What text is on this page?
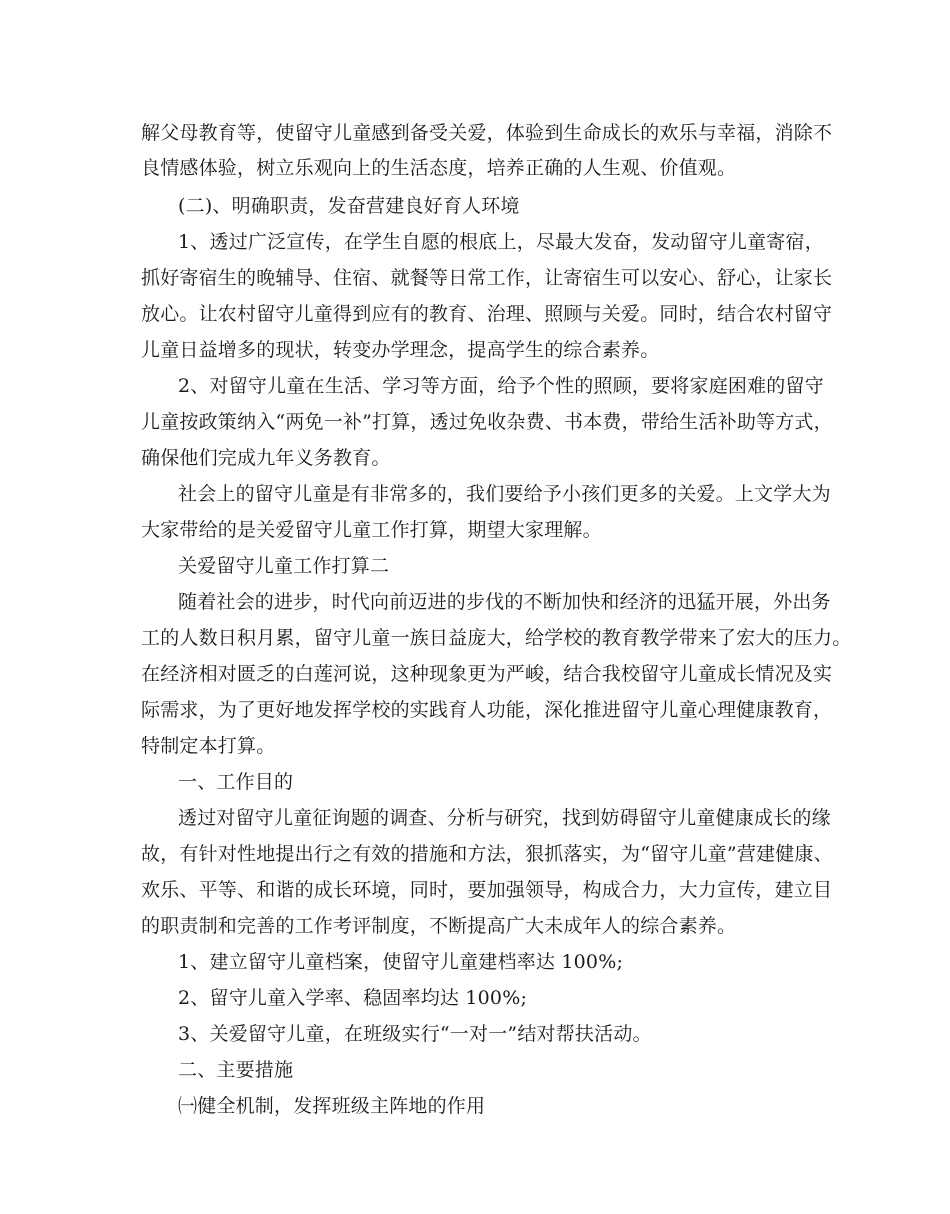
解父母教育等，使留守儿童感到备受关爱，体验到生命成长的欢乐与幸福，消除不
良情感体验，树立乐观向上的生活态度，培养正确的人生观、价值观。
(二)、明确职责，发奋营建良好育人环境
1、透过广泛宣传，在学生自愿的根底上，尽最大发奋，发动留守儿童寄宿，
抓好寄宿生的晚辅导、住宿、就餐等日常工作，让寄宿生可以安心、舒心，让家长
放心。让农村留守儿童得到应有的教育、治理、照顾与关爱。同时，结合农村留守
儿童日益增多的现状，转变办学理念，提高学生的综合素养。
2、对留守儿童在生活、学习等方面，给予个性的照顾，要将家庭困难的留守
儿童按政策纳入“两免一补”打算，透过免收杂费、书本费，带给生活补助等方式，
确保他们完成九年义务教育。
社会上的留守儿童是有非常多的，我们要给予小孩们更多的关爱。上文学大为
大家带给的是关爱留守儿童工作打算，期望大家理解。
关爱留守儿童工作打算二
随着社会的进步，时代向前迈进的步伐的不断加快和经济的迅猛开展，外出务
工的人数日积月累，留守儿童一族日益庞大，给学校的教育教学带来了宏大的压力。
在经济相对匮乏的白莲河说，这种现象更为严峻，结合我校留守儿童成长情况及实
际需求，为了更好地发挥学校的实践育人功能，深化推进留守儿童心理健康教育，
特制定本打算。
一、工作目的
透过对留守儿童征询题的调查、分析与研究，找到妨碍留守儿童健康成长的缘
故，有针对性地提出行之有效的措施和方法，狠抓落实，为“留守儿童”营建健康、
欢乐、平等、和谐的成长环境，同时，要加强领导，构成合力，大力宣传，建立目
的职责制和完善的工作考评制度，不断提高广大未成年人的综合素养。
1、建立留守儿童档案，使留守儿童建档率达 100%;
2、留守儿童入学率、稳固率均达 100%;
3、关爱留守儿童，在班级实行“一对一”结对帮扶活动。
二、主要措施
㈠健全机制，发挥班级主阵地的作用
